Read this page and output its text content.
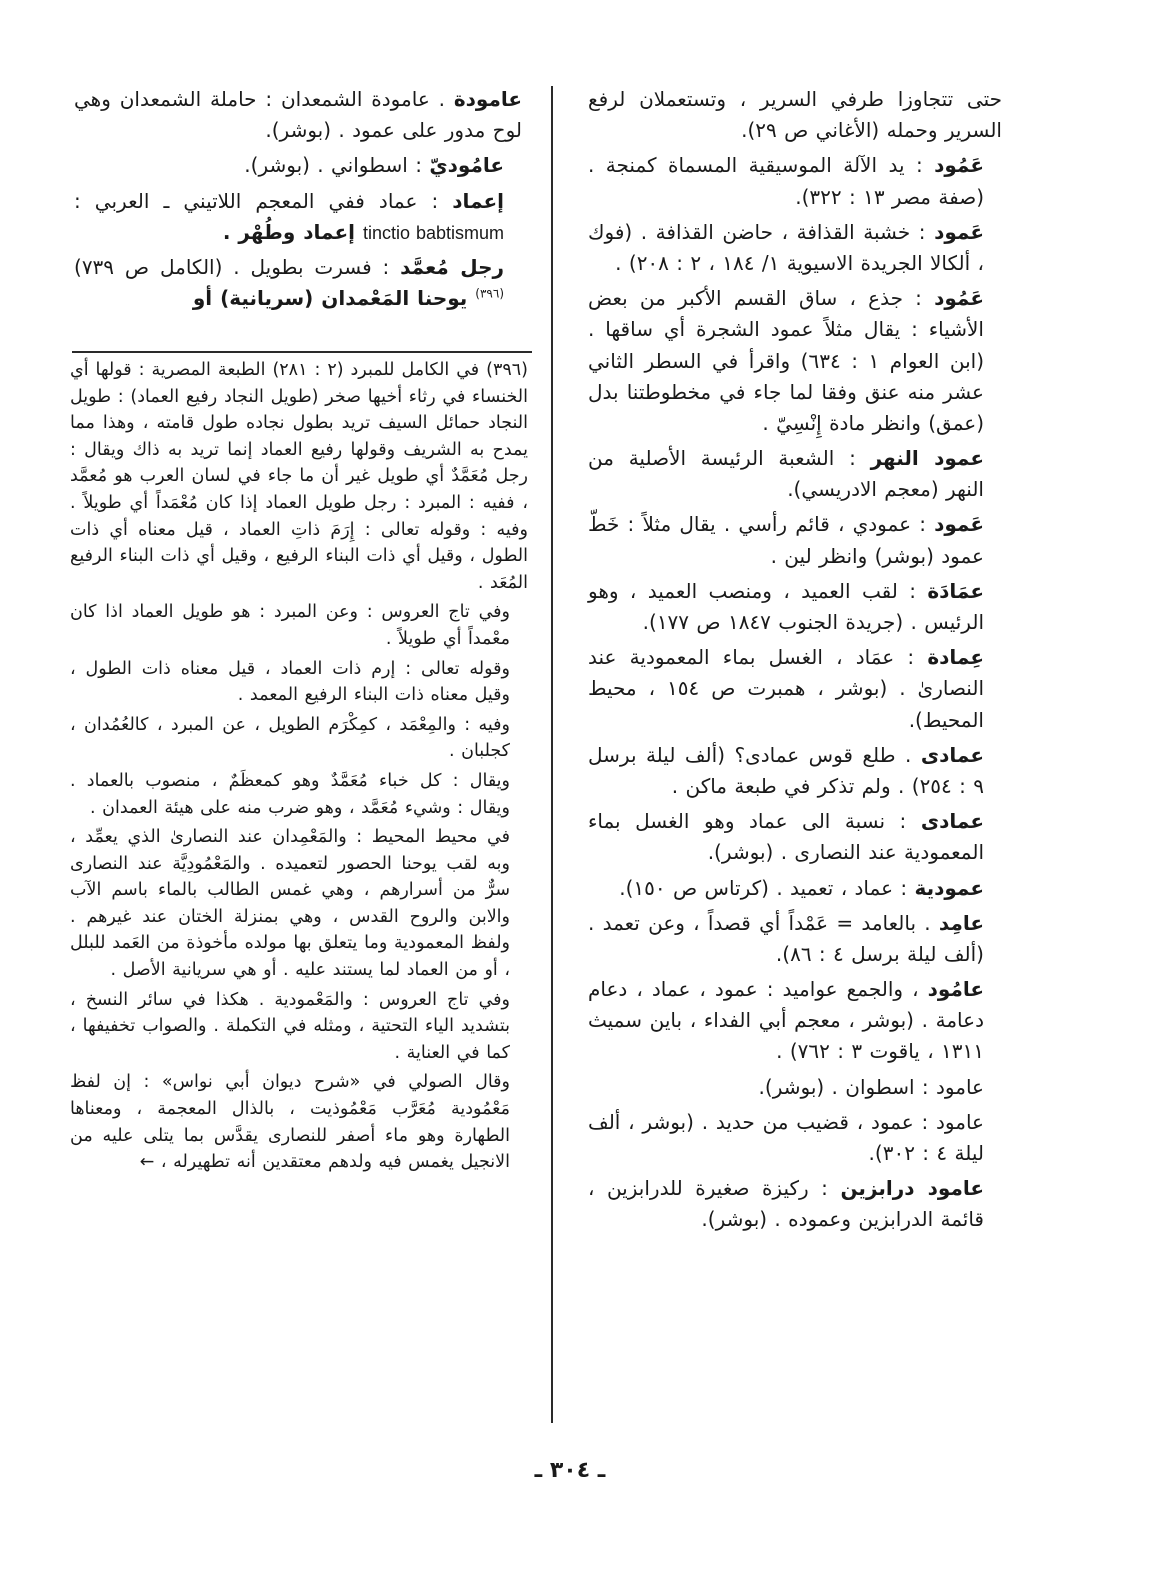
حتى تتجاوزا طرفي السرير ، وتستعملان لرفع السرير وحمله (الأغاني ص ٢٩).

عَمُود : يد الآلة الموسيقية المسماة كمنجة . (صفة مصر ١٣ : ٣٢٢).

عَمود : خشبة القذافة ، حاضن القذافة . (فوك ، ألكالا الجريدة الاسيوية ١/ ١٨٤ ، ٢ : ٢٠٨) .

عَمُود : جذع ، ساق القسم الأكبر من بعض الأشياء : يقال مثلاً عمود الشجرة أي ساقها . (ابن العوام ١ : ٦٣٤) واقرأ في السطر الثاني عشر منه عنق وفقا لما جاء في مخطوطتنا بدل (عمق) وانظر مادة إِنْسِيّ .

عمود النهر : الشعبة الرئيسة الأصلية من النهر (معجم الادريسي).

عَمود : عمودي ، قائم رأسي . يقال مثلاً : خَطّ عمود (بوشر) وانظر لين .

عمَادَة : لقب العميد ، ومنصب العميد ، وهو الرئيس . (جريدة الجنوب ١٨٤٧ ص ١٧٧).

عِمادة : عمَاد ، الغسل بماء المعمودية عند النصارىٰ . (بوشر ، همبرت ص ١٥٤ ، محيط المحيط).

عمادى . طلع قوس عمادى؟ (ألف ليلة برسل ٩ : ٢٥٤) . ولم تذكر في طبعة ماكن .

عمادى : نسبة الى عماد وهو الغسل بماء المعمودية عند النصارى . (بوشر).

عمودية : عماد ، تعميد . (كرتاس ص ١٥٠).

عامِد . بالعامد = عَمْداً أي قصداً ، وعن تعمد . (ألف ليلة برسل ٤ : ٨٦).

عامُود ، والجمع عواميد : عمود ، عماد ، دعام دعامة . (بوشر ، معجم أبي الفداء ، باين سميث ١٣١١ ، ياقوت ٣ : ٧٦٢) .

عامود : اسطوان . (بوشر).

عامود : عمود ، قضيب من حديد . (بوشر ، ألف ليلة ٤ : ٣٠٢).

عامود درابزين : ركيزة صغيرة للدرابزين ، قائمة الدرابزين وعموده . (بوشر).

عامودة . عامودة الشمعدان : حاملة الشمعدان وهي لوح مدور على عمود . (بوشر).

عامُوديّ : اسطواني . (بوشر).

إعماد : عماد ففي المعجم اللاتيني ـ العربي : tinctio babtismum إعماد وطُهْر .

رجل مُعمَّد : فسرت بطويل . (الكامل ص ٧٣٩)$^{(٣٩٦)}$ يوحنا المَعْمدان (سريانية) أو

(٣٩٦) في الكامل للمبرد (٢ : ٢٨١) الطبعة المصرية : قولها أي الخنساء في رثاء أخيها صخر (طويل النجاد رفيع العماد) : طويل النجاد حمائل السيف تريد بطول نجاده طول قامته ، وهذا مما يمدح به الشريف وقولها رفيع العماد إنما تريد به ذاك ويقال : رجل مُعَمَّدٌ أي طويل غير أن ما جاء في لسان العرب هو مُعمَّد ، ففيه : المبرد : رجل طويل العماد إذا كان مُعْمَداً أي طويلاً . وفيه : وقوله تعالى : إِرَمَ ذاتِ العماد ، قيل معناه أي ذات الطول ، وقيل أي ذات البناء الرفيع ، وقيل أي ذات البناء الرفيع المُعَد .

وفي تاج العروس : وعن المبرد : هو طويل العماد اذا كان معْمداً أي طويلاً .

وقوله تعالى : إرم ذات العماد ، قيل معناه ذات الطول ، وقيل معناه ذات البناء الرفيع المعمد .

وفيه : والمِعْمَد ، كمِكْرَم الطويل ، عن المبرد ، كالعُمُدان ، كجلبان .

ويقال : كل خباء مُعَمَّدٌ وهو كمعظَمٌ ، منصوب بالعماد . ويقال : وشيء مُعَمَّد ، وهو ضرب منه على هيئة العمدان .

في محيط المحيط : والمَعْمِدان عند النصارىٰ الذي يعمِّد ، وبه لقب يوحنا الحصور لتعميده . والمَعْمُودِيَّة عند النصارى سرٌّ من أسرارهم ، وهي غمس الطالب بالماء باسم الآب والابن والروح القدس ، وهي بمنزلة الختان عند غيرهم . ولفظ المعمودية وما يتعلق بها مولده مأخوذة من العَمد للبلل ، أو من العماد لما يستند عليه . أو هي سريانية الأصل .

وفي تاج العروس : والمَعْمودية . هكذا في سائر النسخ ، بتشديد الياء التحتية ، ومثله في التكملة . والصواب تخفيفها ، كما في العناية .

وقال الصولي في «شرح ديوان أبي نواس» : إن لفظ مَعْمُودية مُعَرَّب مَعْمُوذيت ، بالذال المعجمة ، ومعناها الطهارة وهو ماء أصفر للنصارى يقدَّس بما يتلى عليه من الانجيل يغمس فيه ولدهم معتقدين أنه تطهيرله ، ←

ـ ٣٠٤ ـ
